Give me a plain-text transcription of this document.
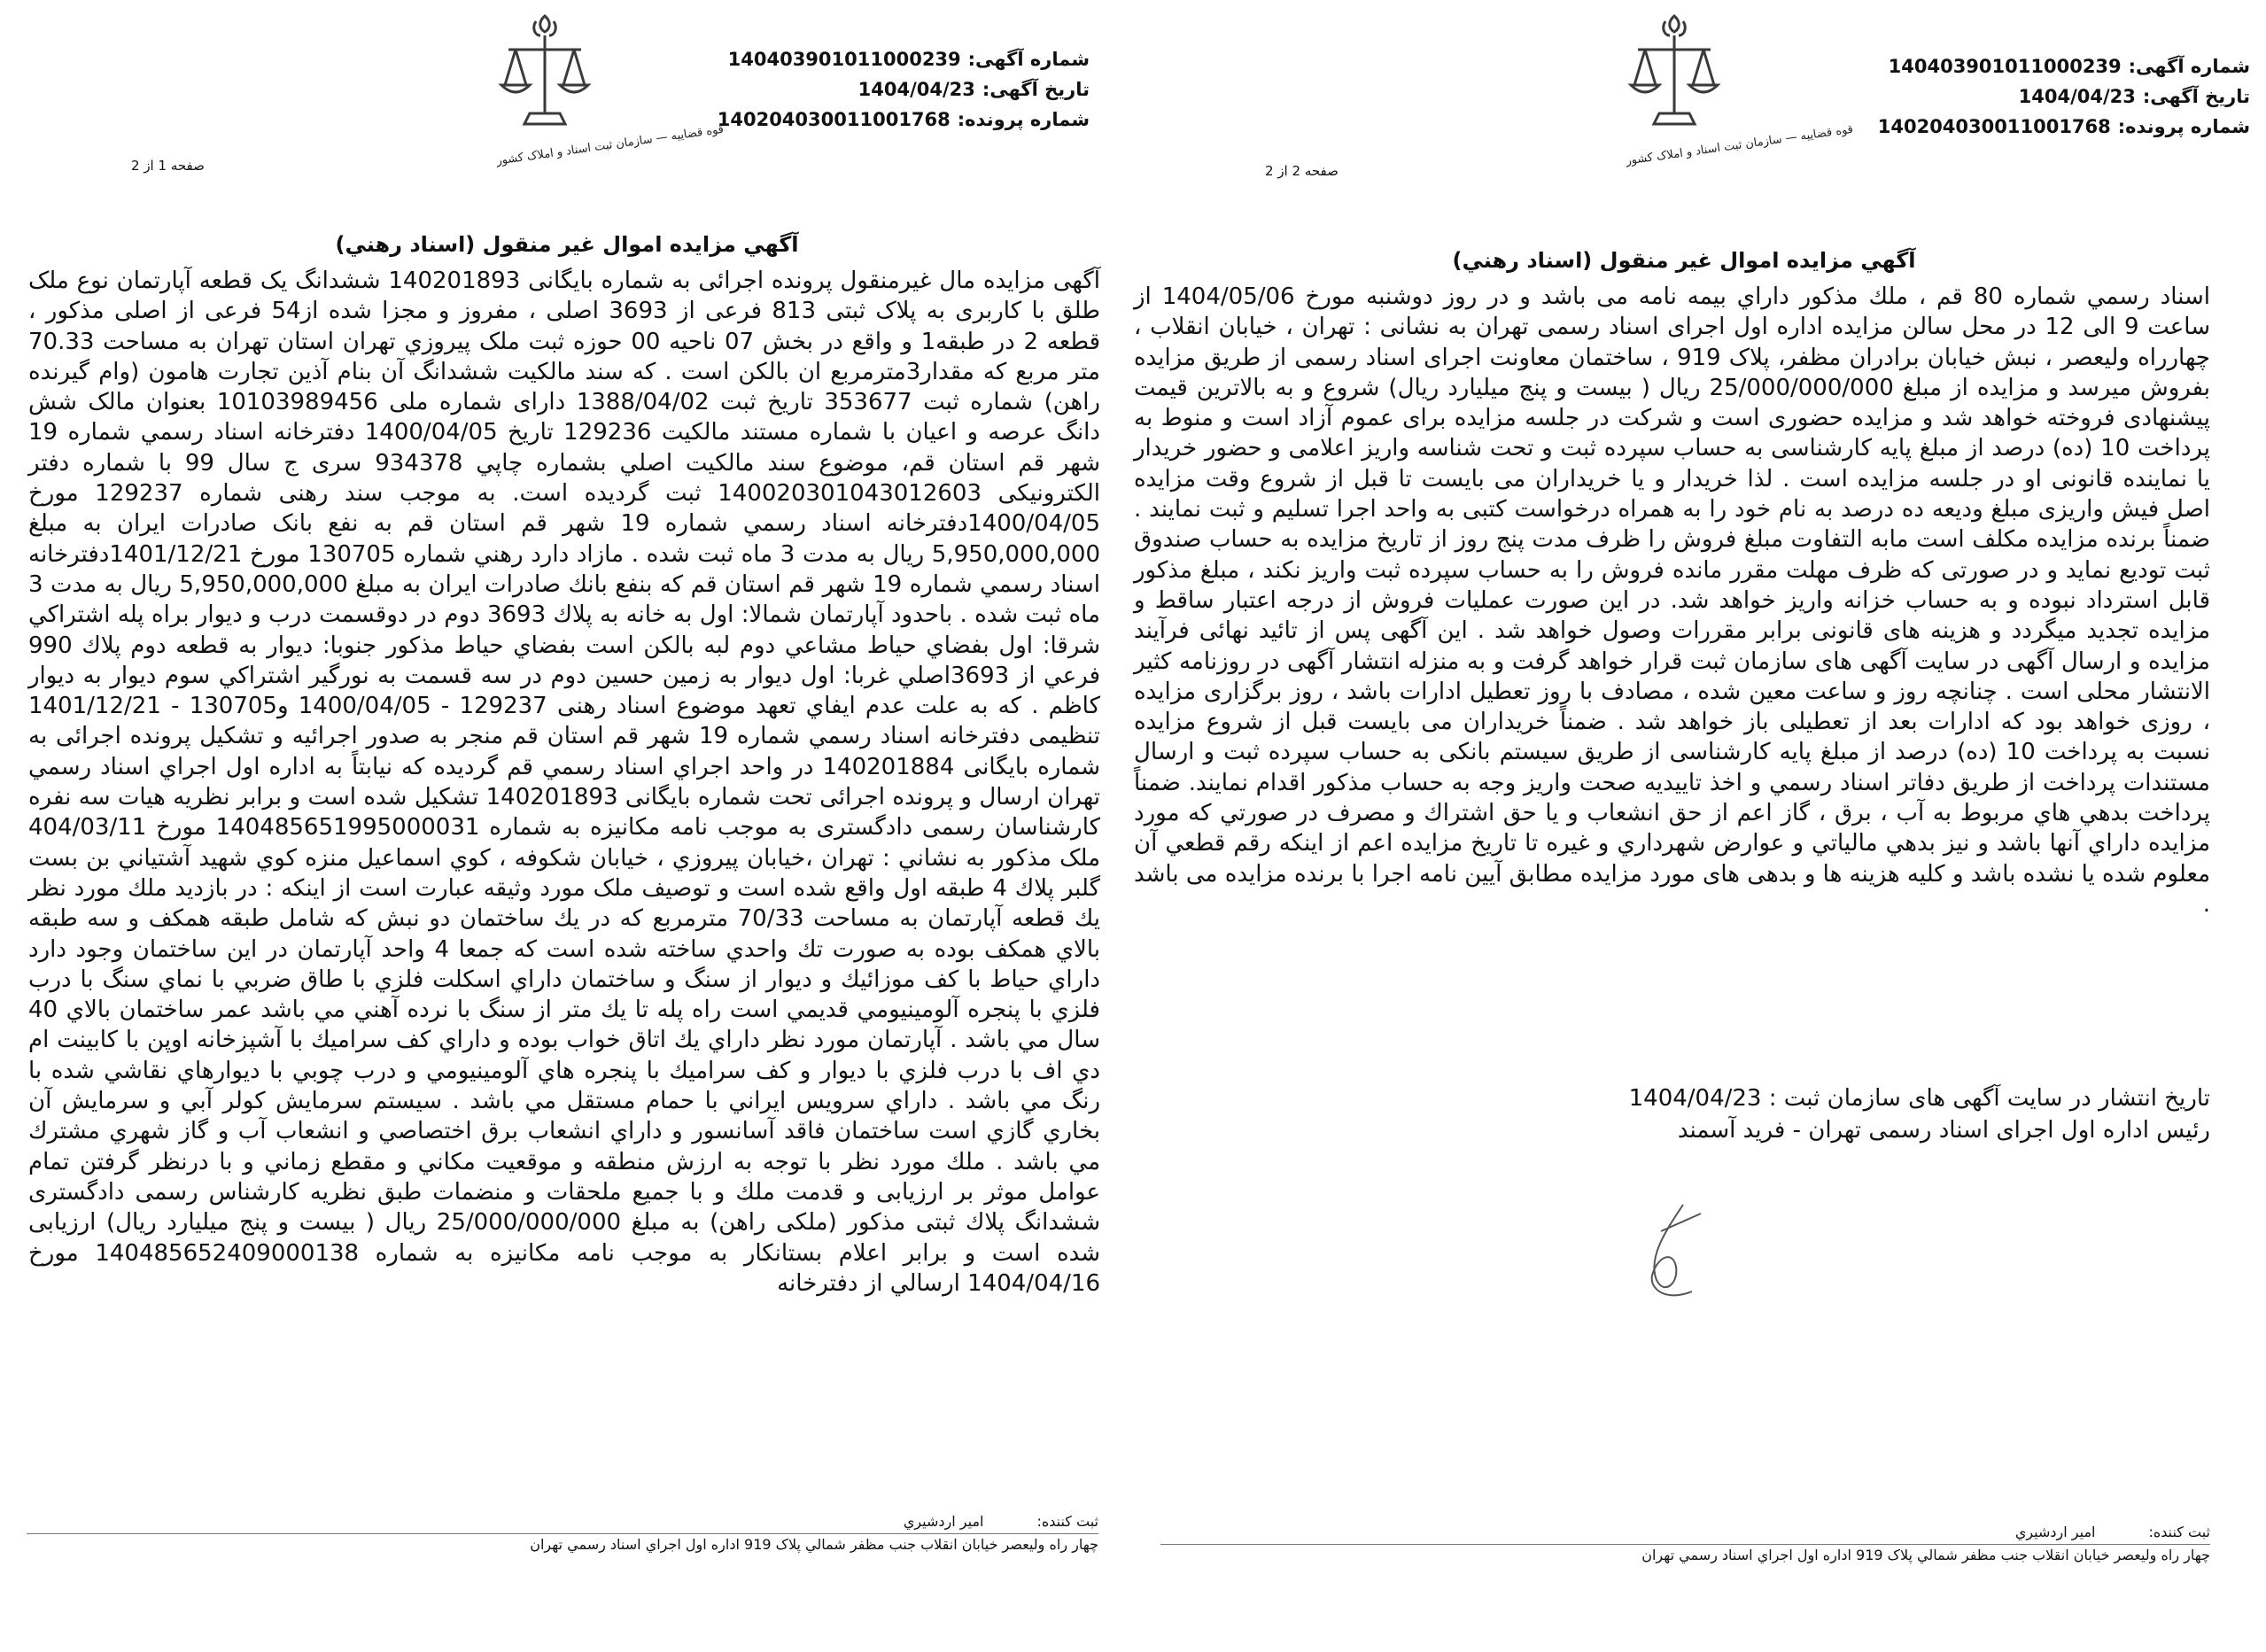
قوه قضاییه — سازمان ثبت اسناد و املاک کشور
شماره آگهی:140403901011000239
تاریخ آگهی:1404/04/23
شماره پرونده:140204030011001768
صفحه 1 از 2
آگهي مزايده اموال غير منقول (اسناد رهني)
آگهی مزایده مال غیرمنقول پرونده اجرائی به شماره بایگانی 140201893 ششدانگ یک قطعه آپارتمان نوع ملک طلق با کاربری به پلاک ثبتی 813 فرعی از 3693 اصلی ، مفروز و مجزا شده از54 فرعی از اصلی مذکور ، قطعه 2 در طبقه1 و واقع در بخش 07 ناحیه 00 حوزه ثبت ملک پيروزي تهران استان تهران به مساحت 70.33 متر مربع كه مقدار3مترمربع ان بالكن است . كه سند مالكيت ششدانگ آن بنام آذين تجارت هامون (وام گيرنده راهن) شماره ثبت 353677 تاريخ ثبت 1388/04/02 دارای شماره ملی 10103989456 بعنوان مالک شش دانگ عرصه و اعيان با شماره مستند مالکيت 129236 تاريخ 1400/04/05 دفترخانه اسناد رسمي شماره 19 شهر قم استان قم، موضوع سند مالکيت اصلي بشماره چاپي 934378 سری ج سال 99 با شماره دفتر الکترونيکی 140020301043012603 ثبت گرديده است. به موجب سند رهنی شماره 129237 مورخ 1400/04/05دفترخانه اسناد رسمي شماره 19 شهر قم استان قم به نفع بانک صادرات ايران به مبلغ 5,950,000,000 ريال به مدت 3 ماه ثبت شده . مازاد دارد رهني شماره 130705 مورخ 1401/12/21دفترخانه اسناد رسمي شماره 19 شهر قم استان قم كه بنفع بانك صادرات ايران به مبلغ 5,950,000,000 ريال به مدت 3 ماه ثبت شده . باحدود آپارتمان شمالا: اول به خانه به پلاك 3693 دوم در دوقسمت درب و ديوار براه پله اشتراكي شرقا: اول بفضاي حياط مشاعي دوم لبه بالكن است بفضاي حياط مذكور جنوبا: ديوار به قطعه دوم پلاك 990 فرعي از 3693اصلي غربا: اول ديوار به زمين حسين دوم در سه قسمت به نورگير اشتراكي سوم ديوار به ديوار كاظم . كه به علت عدم ايفاي تعهد موضوع اسناد رهنی 129237 - 1400/04/05 و130705 - 1401/12/21 تنظيمی دفترخانه اسناد رسمي شماره 19 شهر قم استان قم منجر به صدور اجرائيه و تشکيل پرونده اجرائی به شماره بايگانی 140201884 در واحد اجراي اسناد رسمي قم گرديده كه نيابتاً به اداره اول اجراي اسناد رسمي تهران ارسال و پرونده اجرائی تحت شماره بايگانی 140201893 تشكيل شده است و برابر نظريه هيات سه نفره كارشناسان رسمی دادگستری به موجب نامه مكانيزه به شماره 140485651995000031 مورخ 404/03/11 ملک مذکور به نشاني : تهران ،خيابان پيروزي ، خيابان شكوفه ، كوي اسماعيل منزه كوي شهيد آشتياني بن بست گلبر پلاك 4 طبقه اول واقع شده است و توصيف ملک مورد وثيقه عبارت است از اينكه : در بازديد ملك مورد نظر يك قطعه آپارتمان به مساحت 70/33 مترمربع كه در يك ساختمان دو نبش كه شامل طبقه همكف و سه طبقه بالاي همكف بوده به صورت تك واحدي ساخته شده است كه جمعا 4 واحد آپارتمان در اين ساختمان وجود دارد داراي حياط با كف موزائيك و ديوار از سنگ و ساختمان داراي اسكلت فلزي با طاق ضربي با نماي سنگ با درب فلزي با پنجره آلومينيومي قديمي است راه پله تا يك متر از سنگ با نرده آهني مي باشد عمر ساختمان بالاي 40 سال مي باشد . آپارتمان مورد نظر داراي يك اتاق خواب بوده و داراي كف سراميك با آشپزخانه اوپن با كابينت ام دي اف با درب فلزي با ديوار و كف سراميك با پنجره هاي آلومينيومي و درب چوبي با ديوارهاي نقاشي شده با رنگ مي باشد . داراي سرويس ايراني با حمام مستقل مي باشد . سيستم سرمايش كولر آبي و سرمايش آن بخاري گازي است ساختمان فاقد آسانسور و داراي انشعاب برق اختصاصي و انشعاب آب و گاز شهري مشترك مي باشد . ملك مورد نظر با توجه به ارزش منطقه و موقعيت مكاني و مقطع زماني و با درنظر گرفتن تمام عوامل موثر بر ارزيابی و قدمت ملك و با جميع ملحقات و منضمات طبق نظريه كارشناس رسمی دادگستری ششدانگ پلاك ثبتی مذكور (ملکی راهن) به مبلغ 25/000/000/000 ريال ( بيست و پنج ميليارد ريال) ارزيابی شده است و برابر اعلام بستانكار به موجب نامه مكانيزه به شماره 140485652409000138 مورخ 1404/04/16 ارسالي از دفترخانه
ثبت کننده:امير اردشيري
چهار راه وليعصر خيابان انقلاب جنب مظفر شمالي پلاک 919 اداره اول اجراي اسناد رسمي تهران
قوه قضاییه — سازمان ثبت اسناد و املاک کشور
شماره آگهی:140403901011000239
تاریخ آگهی:1404/04/23
شماره پرونده:140204030011001768
صفحه 2 از 2
آگهي مزايده اموال غير منقول (اسناد رهني)
اسناد رسمي شماره 80 قم ، ملك مذكور داراي بيمه نامه مى باشد و در روز دوشنبه مورخ 1404/05/06 از ساعت 9 الی 12 در محل سالن مزایده اداره اول اجرای اسناد رسمی تهران به نشانی : تهران ، خیابان انقلاب ، چهارراه ولیعصر ، نبش خیابان برادران مظفر، پلاک 919 ، ساختمان معاونت اجرای اسناد رسمی از طریق مزایده بفروش میرسد و مزایده از مبلغ 25/000/000/000 ریال ( بیست و پنج میلیارد ریال) شروع و به بالاترين قيمت پيشنهادی فروخته خواهد شد و مزايده حضوری است و شرکت در جلسه مزايده برای عموم آزاد است و منوط به پرداخت 10 (ده) درصد از مبلغ پايه کارشناسی به حساب سپرده ثبت و تحت شناسه واريز اعلامی و حضور خريدار يا نماينده قانونی او در جلسه مزايده است . لذا خريدار و يا خريداران می بايست تا قبل از شروع وقت مزايده اصل فيش واريزی مبلغ وديعه ده درصد به نام خود را به همراه درخواست کتبی به واحد اجرا تسليم و ثبت نمايند . ضمناً برنده مزايده مكلف است مابه التفاوت مبلغ فروش را ظرف مدت پنج روز از تاريخ مزايده به حساب صندوق ثبت توديع نمايد و در صورتی كه ظرف مهلت مقرر مانده فروش را به حساب سپرده ثبت واريز نكند ، مبلغ مذكور قابل استرداد نبوده و به حساب خزانه واريز خواهد شد. در اين صورت عمليات فروش از درجه اعتبار ساقط و مزايده تجديد ميگردد و هزينه های قانونی برابر مقررات وصول خواهد شد . اين آگهی پس از تائيد نهائی فرآيند مزايده و ارسال آگهی در سايت آگهی های سازمان ثبت قرار خواهد گرفت و به منزله انتشار آگهی در روزنامه كثير الانتشار محلی است . چنانچه روز و ساعت معين شده ، مصادف با روز تعطيل ادارات باشد ، روز برگزاری مزايده ، روزی خواهد بود كه ادارات بعد از تعطيلی باز خواهد شد . ضمناً خريداران می بايست قبل از شروع مزايده نسبت به پرداخت 10 (ده) درصد از مبلغ پايه كارشناسی از طريق سيستم بانكی به حساب سپرده ثبت و ارسال مستندات پرداخت از طريق دفاتر اسناد رسمي و اخذ تاييديه صحت واريز وجه به حساب مذكور اقدام نمايند. ضمناً پرداخت بدهي هاي مربوط به آب ، برق ، گاز اعم از حق انشعاب و يا حق اشتراك و مصرف در صورتي كه مورد مزايده داراي آنها باشد و نيز بدهي مالياتي و عوارض شهرداري و غيره تا تاريخ مزايده اعم از اينكه رقم قطعي آن معلوم شده يا نشده باشد و كليه هزينه ها و بدهی های مورد مزايده مطابق آيين نامه اجرا با برنده مزايده می باشد .
تاريخ انتشار در سایت آگهی های سازمان ثبت : 1404/04/23
رئيس اداره اول اجرای اسناد رسمی تهران - فريد آسمند
ثبت کننده:امير اردشيري
چهار راه وليعصر خيابان انقلاب جنب مظفر شمالي پلاک 919 اداره اول اجراي اسناد رسمي تهران
